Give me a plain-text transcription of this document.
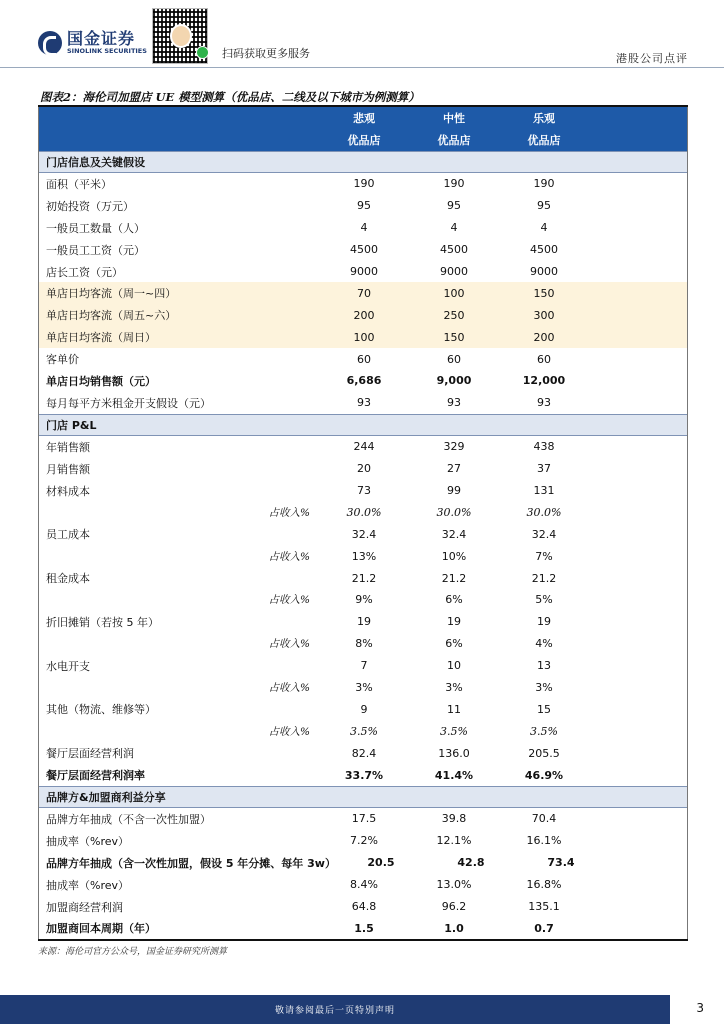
国金证券
SINOLINK SECURITIES	扫码获取更多服务	港股公司点评
图表2：海伦司加盟店 UE 模型测算（优品店、二线及以下城市为例测算）
悲观	中性	乐观
优品店	优品店	优品店
门店信息及关键假设
面积（平米）	190	190	190
初始投资（万元）	95	95	95
一般员工数量（人）	4	4	4
一般员工工资（元）	4500	4500	4500
店长工资（元）	9000	9000	9000
单店日均客流（周一~四）	70	100	150
单店日均客流（周五~六）	200	250	300
单店日均客流（周日）	100	150	200
客单价	60	60	60
单店日均销售额（元）	6,686	9,000	12,000
每月每平方米租金开支假设（元）	93	93	93
门店 P&L
年销售额	244	329	438
月销售额	20	27	37
材料成本	73	99	131
占收入%	30.0%	30.0%	30.0%
员工成本	32.4	32.4	32.4
占收入%	13%	10%	7%
租金成本	21.2	21.2	21.2
占收入%	9%	6%	5%
折旧摊销（若按 5 年）	19	19	19
占收入%	8%	6%	4%
水电开支	7	10	13
占收入%	3%	3%	3%
其他（物流、维修等）	9	11	15
占收入%	3.5%	3.5%	3.5%
餐厅层面经营利润	82.4	136.0	205.5
餐厅层面经营利润率	33.7%	41.4%	46.9%
品牌方&加盟商利益分享
品牌方年抽成（不含一次性加盟）	17.5	39.8	70.4
抽成率（%rev）	7.2%	12.1%	16.1%
品牌方年抽成（含一次性加盟，假设 5 年分摊、每年 3w）	20.5	42.8	73.4
抽成率（%rev）	8.4%	13.0%	16.8%
加盟商经营利润	64.8	96.2	135.1
加盟商回本周期（年）	1.5	1.0	0.7
来源：海伦司官方公众号，国金证券研究所测算
敬请参阅最后一页特别声明	3
